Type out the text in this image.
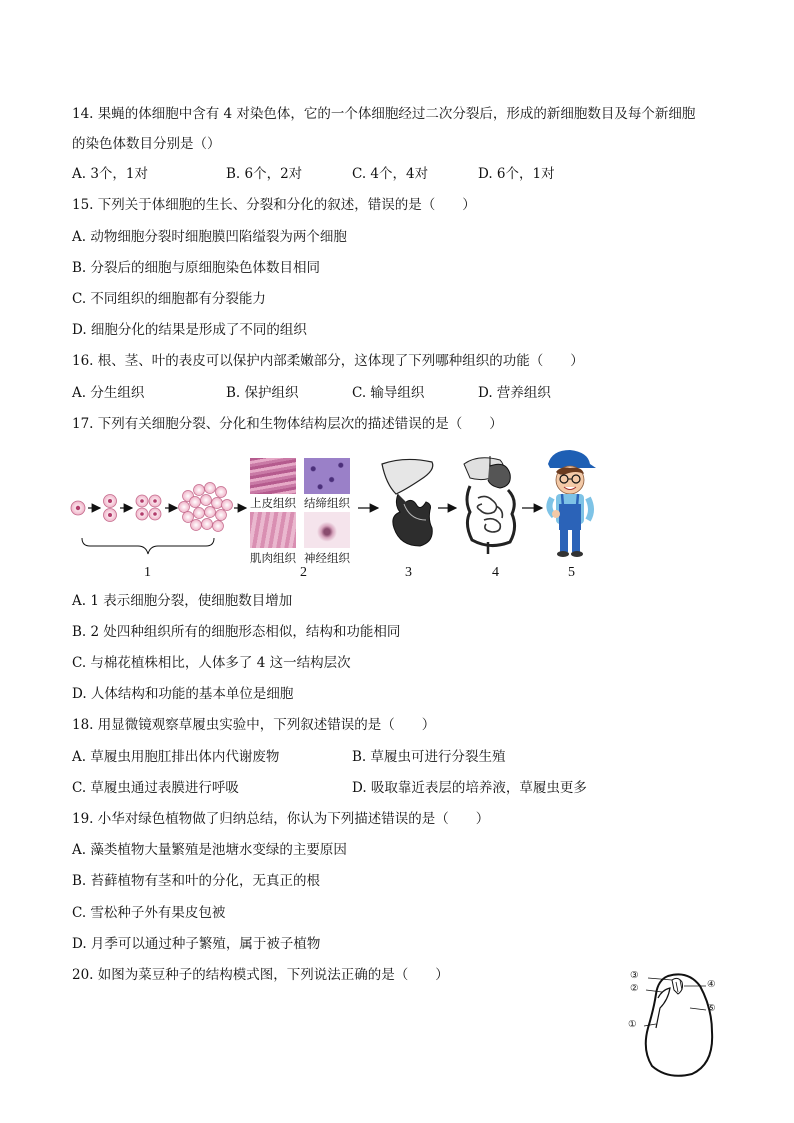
14. 果蝇的体细胞中含有 4 对染色体，它的一个体细胞经过二次分裂后，形成的新细胞数目及每个新细胞
的染色体数目分别是（）
A. 3个，1对	B. 6个，2对	C. 4个，4对	D. 6个，1对
15. 下列关于体细胞的生长、分裂和分化的叙述，错误的是（　　）
A. 动物细胞分裂时细胞膜凹陷缢裂为两个细胞
B. 分裂后的细胞与原细胞染色体数目相同
C. 不同组织的细胞都有分裂能力
D. 细胞分化的结果是形成了不同的组织
16. 根、茎、叶的表皮可以保护内部柔嫩部分，这体现了下列哪种组织的功能（　　）
A. 分生组织	B. 保护组织	C. 输导组织	D. 营养组织
17. 下列有关细胞分裂、分化和生物体结构层次的描述错误的是（　　）
上皮组织 结缔组织
肌肉组织 神经组织
1	2	3	4	5
A. 1 表示细胞分裂，使细胞数目增加
B. 2 处四种组织所有的细胞形态相似，结构和功能相同
C. 与棉花植株相比，人体多了 4 这一结构层次
D. 人体结构和功能的基本单位是细胞
18. 用显微镜观察草履虫实验中，下列叙述错误的是（　　）
A. 草履虫用胞肛排出体内代谢废物	B. 草履虫可进行分裂生殖
C. 草履虫通过表膜进行呼吸	D. 吸取靠近表层的培养液，草履虫更多
19. 小华对绿色植物做了归纳总结，你认为下列描述错误的是（　　）
A. 藻类植物大量繁殖是池塘水变绿的主要原因
B. 苔藓植物有茎和叶的分化，无真正的根
C. 雪松种子外有果皮包被
D. 月季可以通过种子繁殖，属于被子植物
20. 如图为菜豆种子的结构模式图，下列说法正确的是（　　）	③
②
①
④
⑤
